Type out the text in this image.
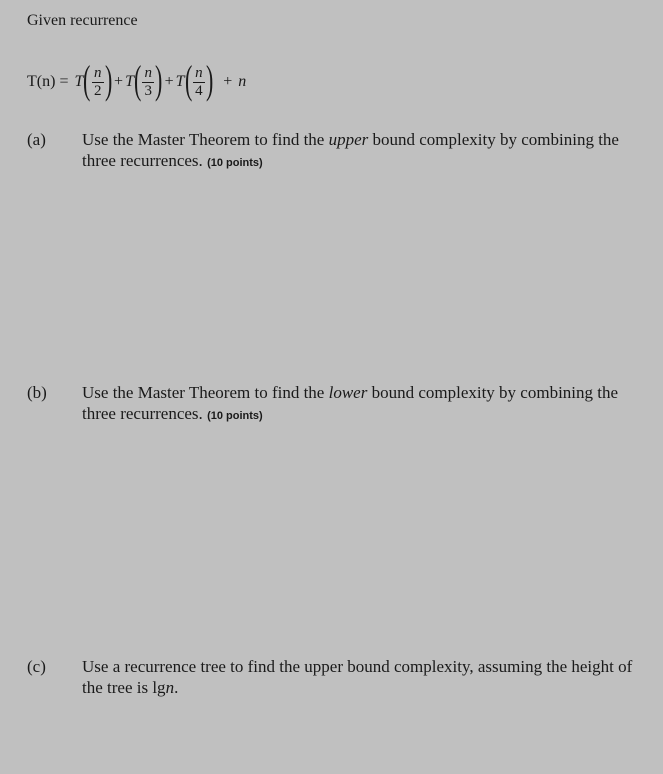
Given recurrence
T(n) = T ( $\frac{n}{2}$ ) + T ( $\frac{n}{3}$ ) + T ( $\frac{n}{4}$ ) + n
(a) Use the Master Theorem to find the upper bound complexity by combining the three recurrences. (10 points)
(b) Use the Master Theorem to find the lower bound complexity by combining the three recurrences. (10 points)
(c) Use a recurrence tree to find the upper bound complexity, assuming the height of the tree is lgn.
